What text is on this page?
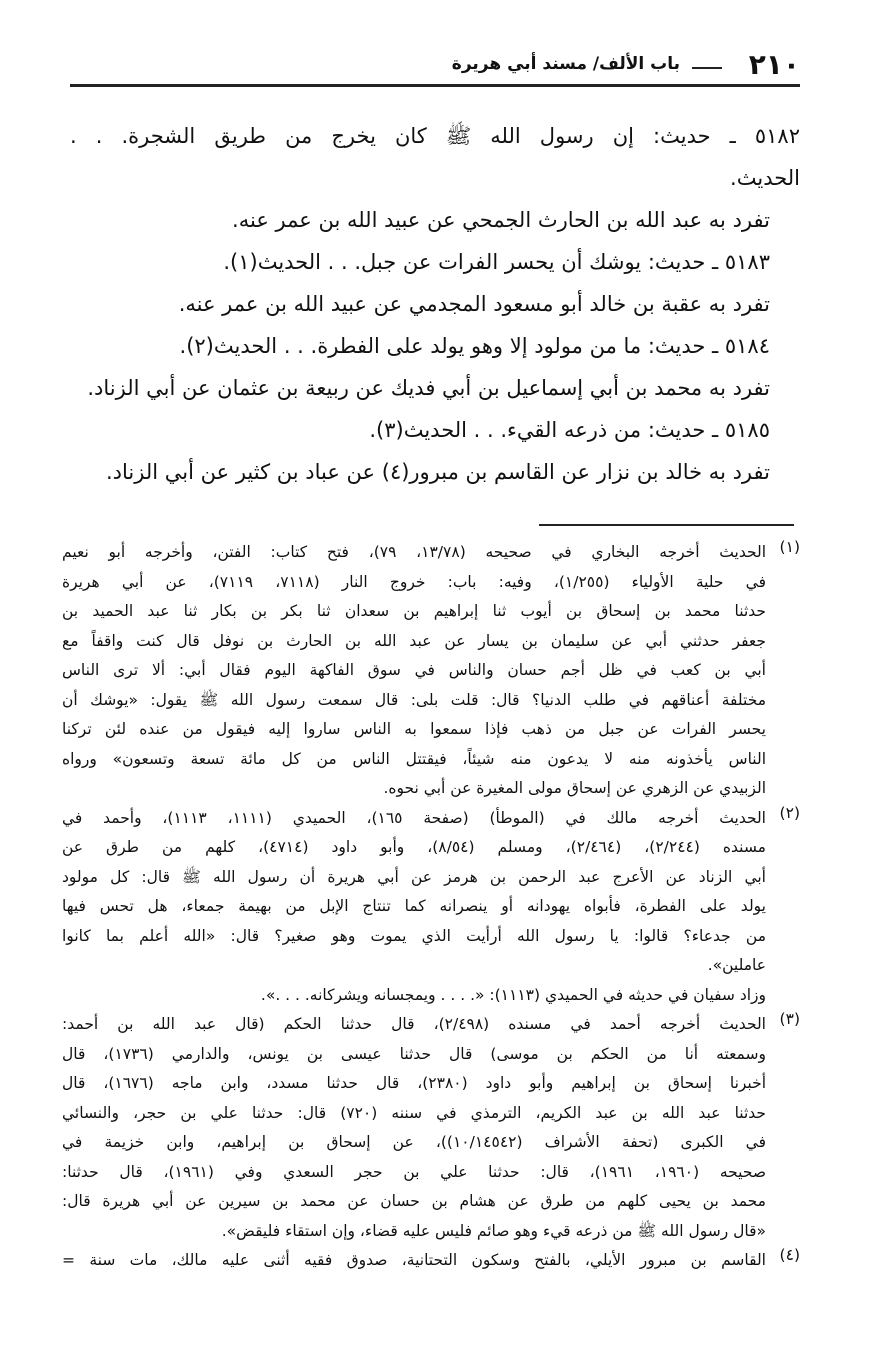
٢١٠
باب الألف/ مسند أبي هريرة
٥١٨٢ ـ حديث: إن رسول الله ﷺ كان يخرج من طريق الشجرة. . .
الحديث.
تفرد به عبد الله بن الحارث الجمحي عن عبيد الله بن عمر عنه.
٥١٨٣ ـ حديث: يوشك أن يحسر الفرات عن جبل. . . الحديث(١).
تفرد به عقبة بن خالد أبو مسعود المجدمي عن عبيد الله بن عمر عنه.
٥١٨٤ ـ حديث: ما من مولود إلا وهو يولد على الفطرة. . . الحديث(٢).
تفرد به محمد بن أبي إسماعيل بن أبي فديك عن ربيعة بن عثمان عن أبي الزناد.
٥١٨٥ ـ حديث: من ذرعه القيء. . . الحديث(٣).
تفرد به خالد بن نزار عن القاسم بن مبرور(٤) عن عباد بن كثير عن أبي الزناد.
(١)
الحديث أخرجه البخاري في صحيحه (١٣/٧٨، ٧٩)، فتح كتاب: الفتن، وأخرجه أبو نعيم
في حلية الأولياء (١/٢٥٥)، وفيه: باب: خروج النار (٧١١٨، ٧١١٩)، عن أبي هريرة
حدثنا محمد بن إسحاق بن أيوب ثنا إبراهيم بن سعدان ثنا بكر بن بكار ثنا عبد الحميد بن
جعفر حدثني أبي عن سليمان بن يسار عن عبد الله بن الحارث بن نوفل قال كنت واقفاً مع
أبي بن كعب في ظل أجم حسان والناس في سوق الفاكهة اليوم فقال أبي: ألا ترى الناس
مختلفة أعناقهم في طلب الدنيا؟ قال: قلت بلى: قال سمعت رسول الله ﷺ يقول: «يوشك أن
يحسر الفرات عن جبل من ذهب فإذا سمعوا به الناس ساروا إليه فيقول من عنده لئن تركنا
الناس يأخذونه منه لا يدعون منه شيئاً، فيقتتل الناس من كل مائة تسعة وتسعون» ورواه
الزبيدي عن الزهري عن إسحاق مولى المغيرة عن أبي نحوه.
(٢)
الحديث أخرجه مالك في (الموطأ) (صفحة ١٦٥)، الحميدي (١١١١، ١١١٣)، وأحمد في
مسنده (٢/٢٤٤)، (٢/٤٦٤)، ومسلم (٨/٥٤)، وأبو داود (٤٧١٤)، كلهم من طرق عن
أبي الزناد عن الأعرج عبد الرحمن بن هرمز عن أبي هريرة أن رسول الله ﷺ قال: كل مولود
يولد على الفطرة، فأبواه يهودانه أو ينصرانه كما تنتاج الإبل من بهيمة جمعاء، هل تحس فيها
من جدعاء؟ قالوا: يا رسول الله أرأيت الذي يموت وهو صغير؟ قال: «الله أعلم بما كانوا
عاملين».
وزاد سفيان في حديثه في الحميدي (١١١٣): «. . . . ويمجسانه ويشركانه. . . .».
(٣)
الحديث أخرجه أحمد في مسنده (٢/٤٩٨)، قال حدثنا الحكم (قال عبد الله بن أحمد:
وسمعته أنا من الحكم بن موسى) قال حدثنا عيسى بن يونس، والدارمي (١٧٣٦)، قال
أخبرنا إسحاق بن إبراهيم وأبو داود (٢٣٨٠)، قال حدثنا مسدد، وابن ماجه (١٦٧٦)، قال
حدثنا عبد الله بن عبد الكريم، الترمذي في سننه (٧٢٠) قال: حدثنا علي بن حجر، والنسائي
في الكبرى (تحفة الأشراف (١٠/١٤٥٤٢))، عن إسحاق بن إبراهيم، وابن خزيمة في
صحيحه (١٩٦٠، ١٩٦١)، قال: حدثنا علي بن حجر السعدي وفي (١٩٦١)، قال حدثنا:
محمد بن يحيى كلهم من طرق عن هشام بن حسان عن محمد بن سيرين عن أبي هريرة قال:
«قال رسول الله ﷺ من ذرعه قيء وهو صائم فليس عليه قضاء، وإن استقاء فليقض».
(٤)
القاسم بن مبرور الأيلي، بالفتح وسكون التحتانية، صدوق فقيه أثنى عليه مالك، مات سنة =
